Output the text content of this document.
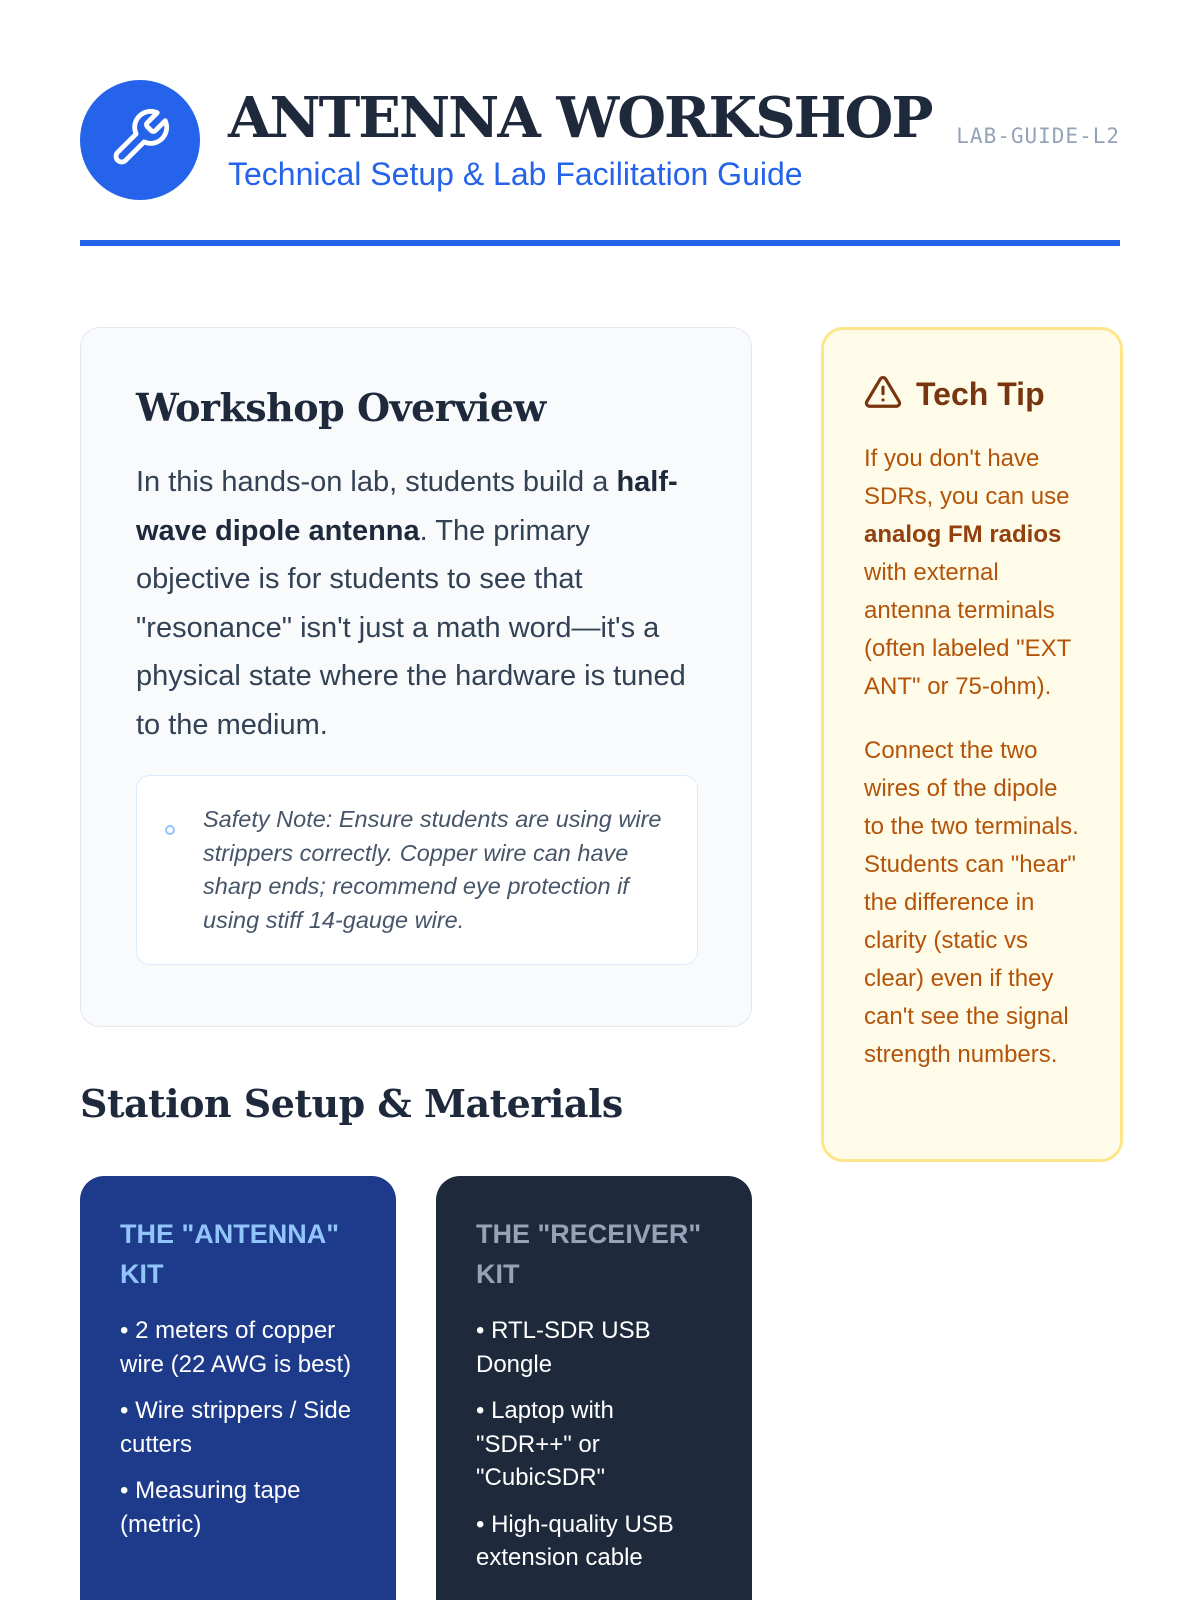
ANTENNA WORKSHOP
Technical Setup & Lab Facilitation Guide
LAB-GUIDE-L2
Workshop Overview

In this hands-on lab, students build a half-wave dipole antenna. The primary objective is for students to see that "resonance" isn't just a math word—it's a physical state where the hardware is tuned to the medium.

Safety Note: Ensure students are using wire strippers correctly. Copper wire can have sharp ends; recommend eye protection if using stiff 14-gauge wire.

Station Setup & Materials
THE "ANTENNA" KIT
• 2 meters of copper wire (22 AWG is best)
• Wire strippers / Side cutters
• Measuring tape (metric)
THE "RECEIVER" KIT
• RTL-SDR USB Dongle
• Laptop with "SDR++" or "CubicSDR"
• High-quality USB extension cable
Tech Tip

If you don't have SDRs, you can use analog FM radios with external antenna terminals (often labeled "EXT ANT" or 75-ohm).

Connect the two wires of the dipole to the two terminals. Students can "hear" the difference in clarity (static vs clear) even if they can't see the signal strength numbers.
